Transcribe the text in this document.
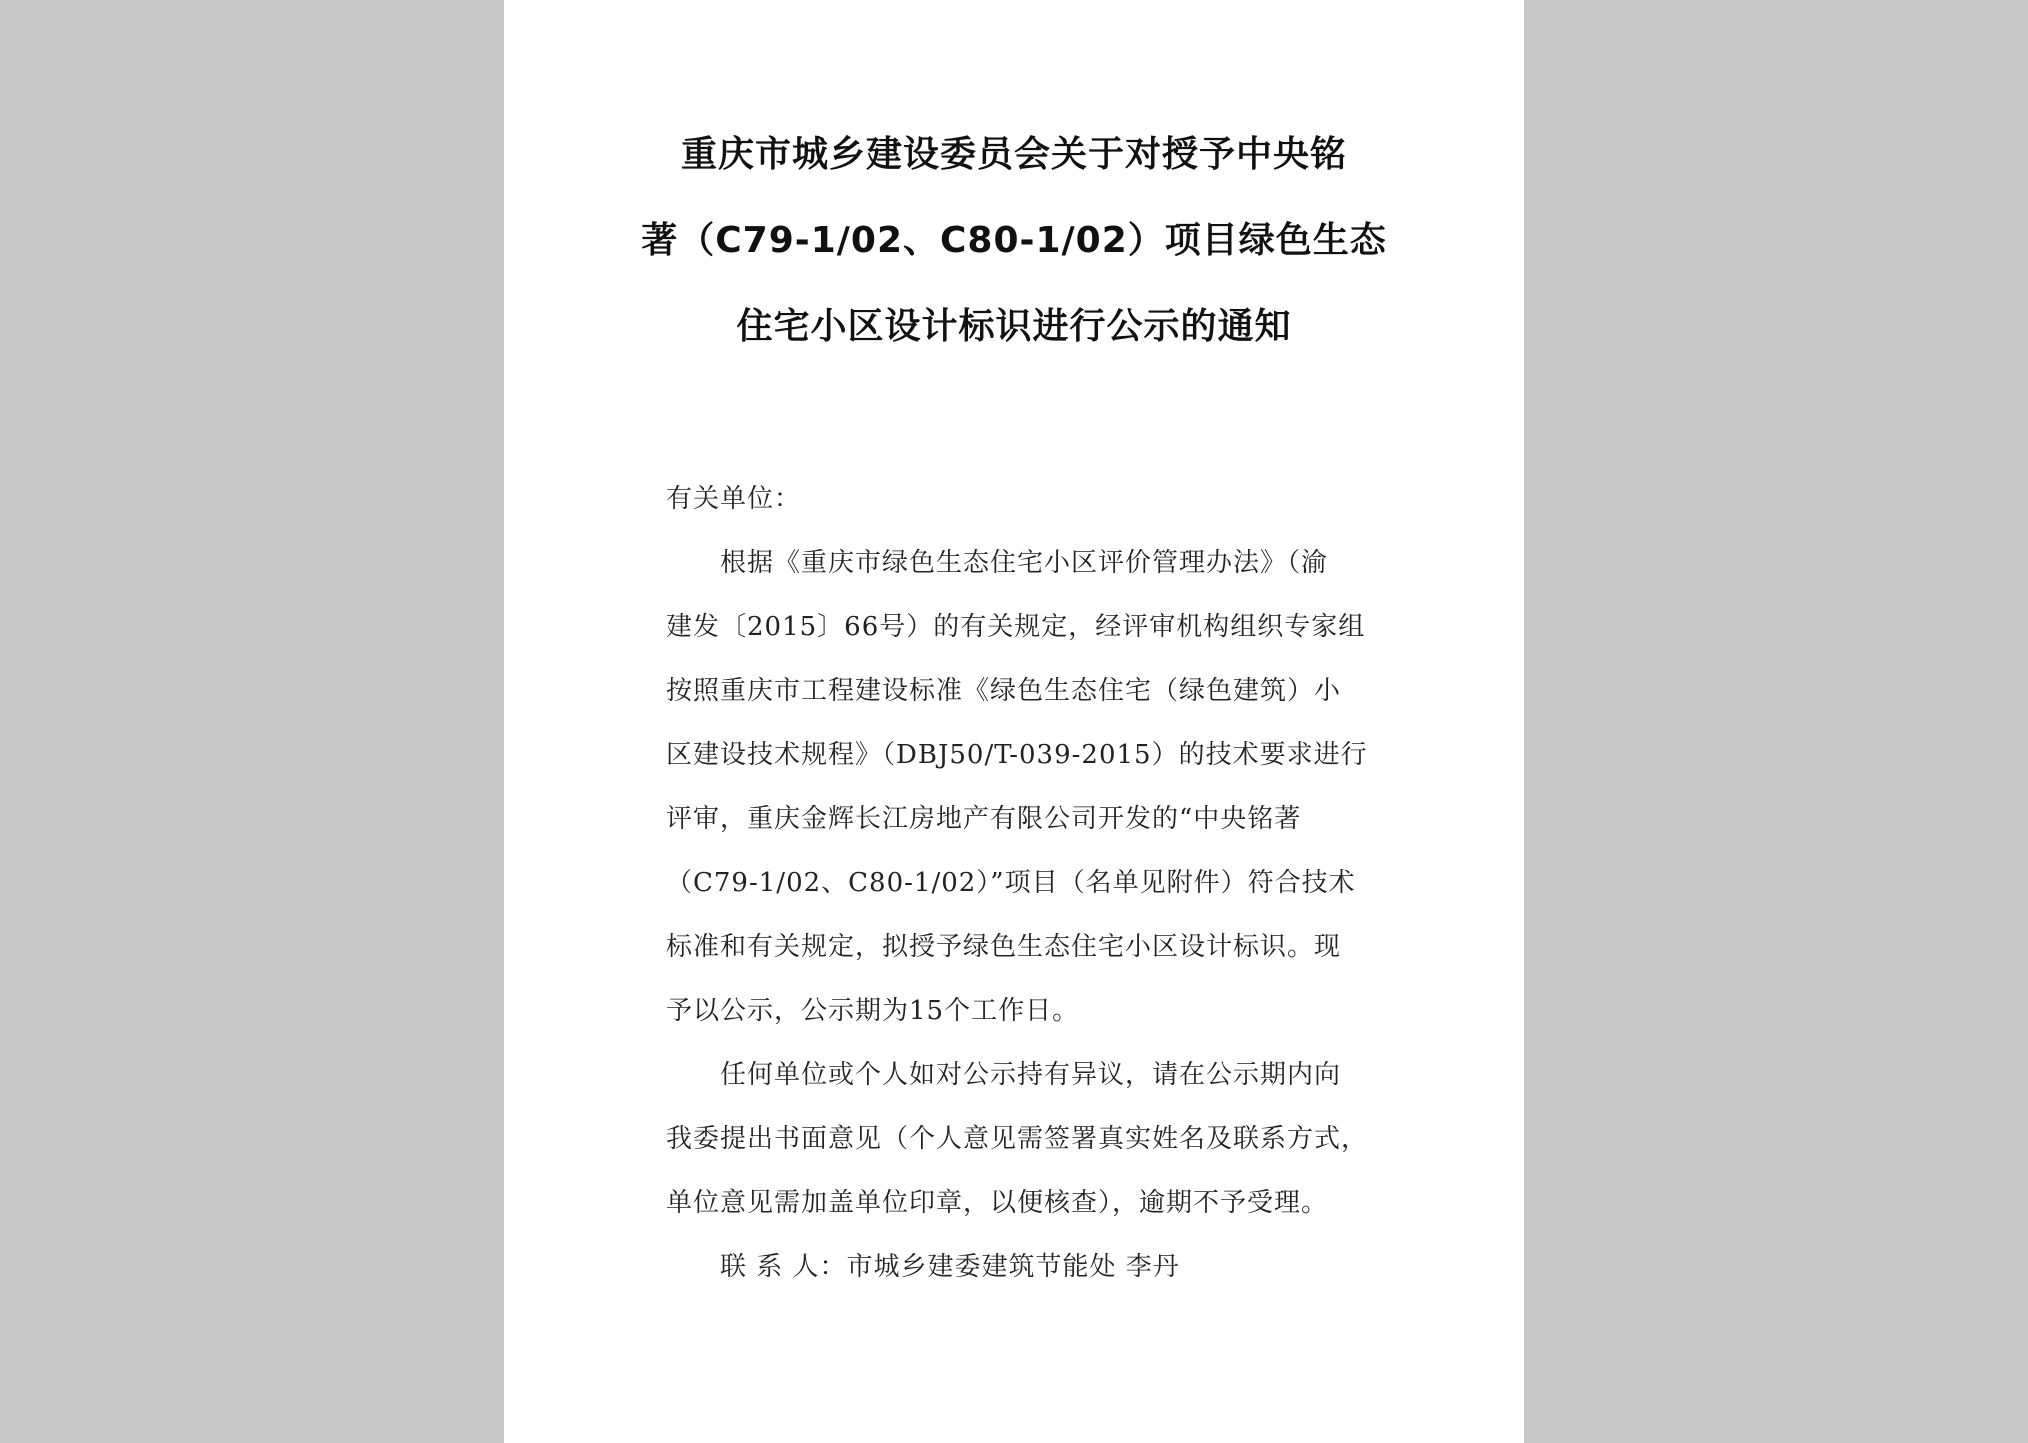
重庆市城乡建设委员会关于对授予中央铭
著（C79-1/02、C80-1/02）项目绿色生态
住宅小区设计标识进行公示的通知
有关单位：
根据《重庆市绿色生态住宅小区评价管理办法》（渝
建发〔2015〕66号）的有关规定，经评审机构组织专家组
按照重庆市工程建设标准《绿色生态住宅（绿色建筑）小
区建设技术规程》（DBJ50/T-039-2015）的技术要求进行
评审，重庆金辉长江房地产有限公司开发的“中央铭著
（C79-1/02、C80-1/02）”项目（名单见附件）符合技术
标准和有关规定，拟授予绿色生态住宅小区设计标识。现
予以公示，公示期为15个工作日。
任何单位或个人如对公示持有异议，请在公示期内向
我委提出书面意见（个人意见需签署真实姓名及联系方式，
单位意见需加盖单位印章，以便核查），逾期不予受理。
联 系 人：市城乡建委建筑节能处 李丹
